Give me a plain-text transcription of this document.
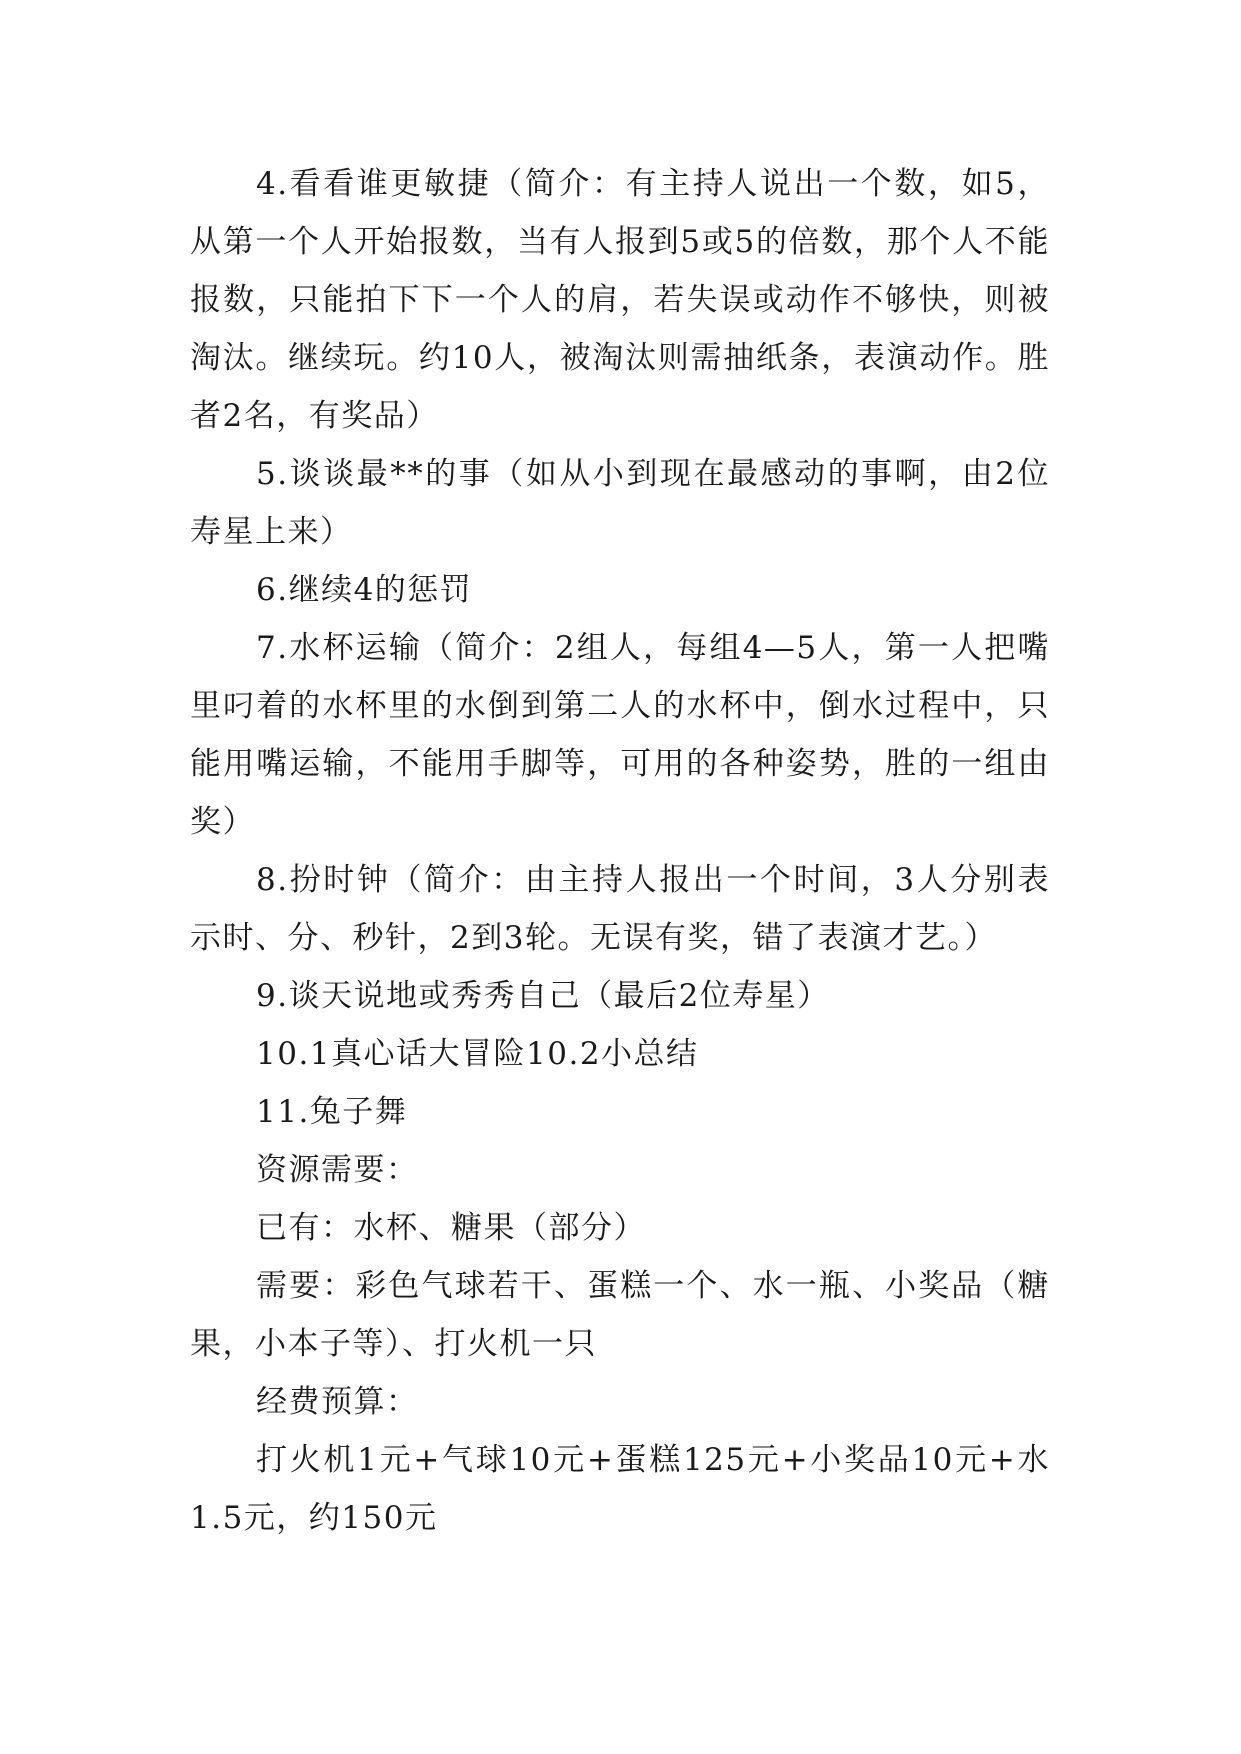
4.看看谁更敏捷（简介：有主持人说出一个数，如5，从第一个人开始报数，当有人报到5或5的倍数，那个人不能报数，只能拍下下一个人的肩，若失误或动作不够快，则被淘汰。继续玩。约10人，被淘汰则需抽纸条，表演动作。胜者2名，有奖品）

5.谈谈最**的事（如从小到现在最感动的事啊，由2位寿星上来）

6.继续4的惩罚

7.水杯运输（简介：2组人，每组4—5人，第一人把嘴里叼着的水杯里的水倒到第二人的水杯中，倒水过程中，只能用嘴运输，不能用手脚等，可用的各种姿势，胜的一组由奖）

8.扮时钟（简介：由主持人报出一个时间，3人分别表示时、分、秒针，2到3轮。无误有奖，错了表演才艺。）

9.谈天说地或秀秀自己（最后2位寿星）

10.1真心话大冒险10.2小总结

11.兔子舞

资源需要：

已有：水杯、糖果（部分）

需要：彩色气球若干、蛋糕一个、水一瓶、小奖品（糖果，小本子等）、打火机一只

经费预算：

打火机1元+气球10元+蛋糕125元+小奖品10元+水1.5元，约150元
